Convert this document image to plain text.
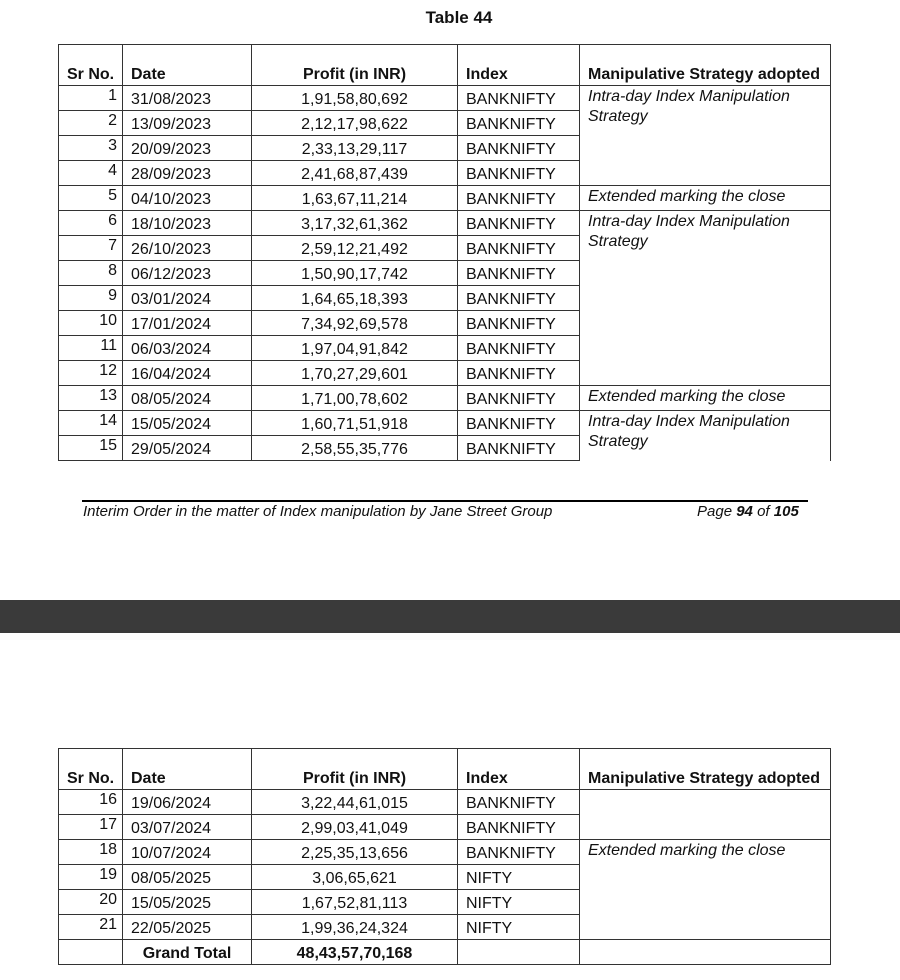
Table 44
Sr No.	Date	Profit (in INR)	Index	Manipulative Strategy adopted
1	31/08/2023	1,91,58,80,692	BANKNIFTY	Intra-day Index Manipulation Strategy
2	13/09/2023	2,12,17,98,622	BANKNIFTY	
3	20/09/2023	2,33,13,29,117	BANKNIFTY	
4	28/09/2023	2,41,68,87,439	BANKNIFTY	
5	04/10/2023	1,63,67,11,214	BANKNIFTY	Extended marking the close
6	18/10/2023	3,17,32,61,362	BANKNIFTY	Intra-day Index Manipulation Strategy
7	26/10/2023	2,59,12,21,492	BANKNIFTY	
8	06/12/2023	1,50,90,17,742	BANKNIFTY	
9	03/01/2024	1,64,65,18,393	BANKNIFTY	
10	17/01/2024	7,34,92,69,578	BANKNIFTY	
11	06/03/2024	1,97,04,91,842	BANKNIFTY	
12	16/04/2024	1,70,27,29,601	BANKNIFTY	
13	08/05/2024	1,71,00,78,602	BANKNIFTY	Extended marking the close
14	15/05/2024	1,60,71,51,918	BANKNIFTY	Intra-day Index Manipulation Strategy
15	29/05/2024	2,58,55,35,776	BANKNIFTY	
Interim Order in the matter of Index manipulation by Jane Street Group	Page 94 of 105
Sr No.	Date	Profit (in INR)	Index	Manipulative Strategy adopted
16	19/06/2024	3,22,44,61,015	BANKNIFTY	
17	03/07/2024	2,99,03,41,049	BANKNIFTY	
18	10/07/2024	2,25,35,13,656	BANKNIFTY	Extended marking the close
19	08/05/2025	3,06,65,621	NIFTY	
20	15/05/2025	1,67,52,81,113	NIFTY	
21	22/05/2025	1,99,36,24,324	NIFTY	
	Grand Total	48,43,57,70,168		
